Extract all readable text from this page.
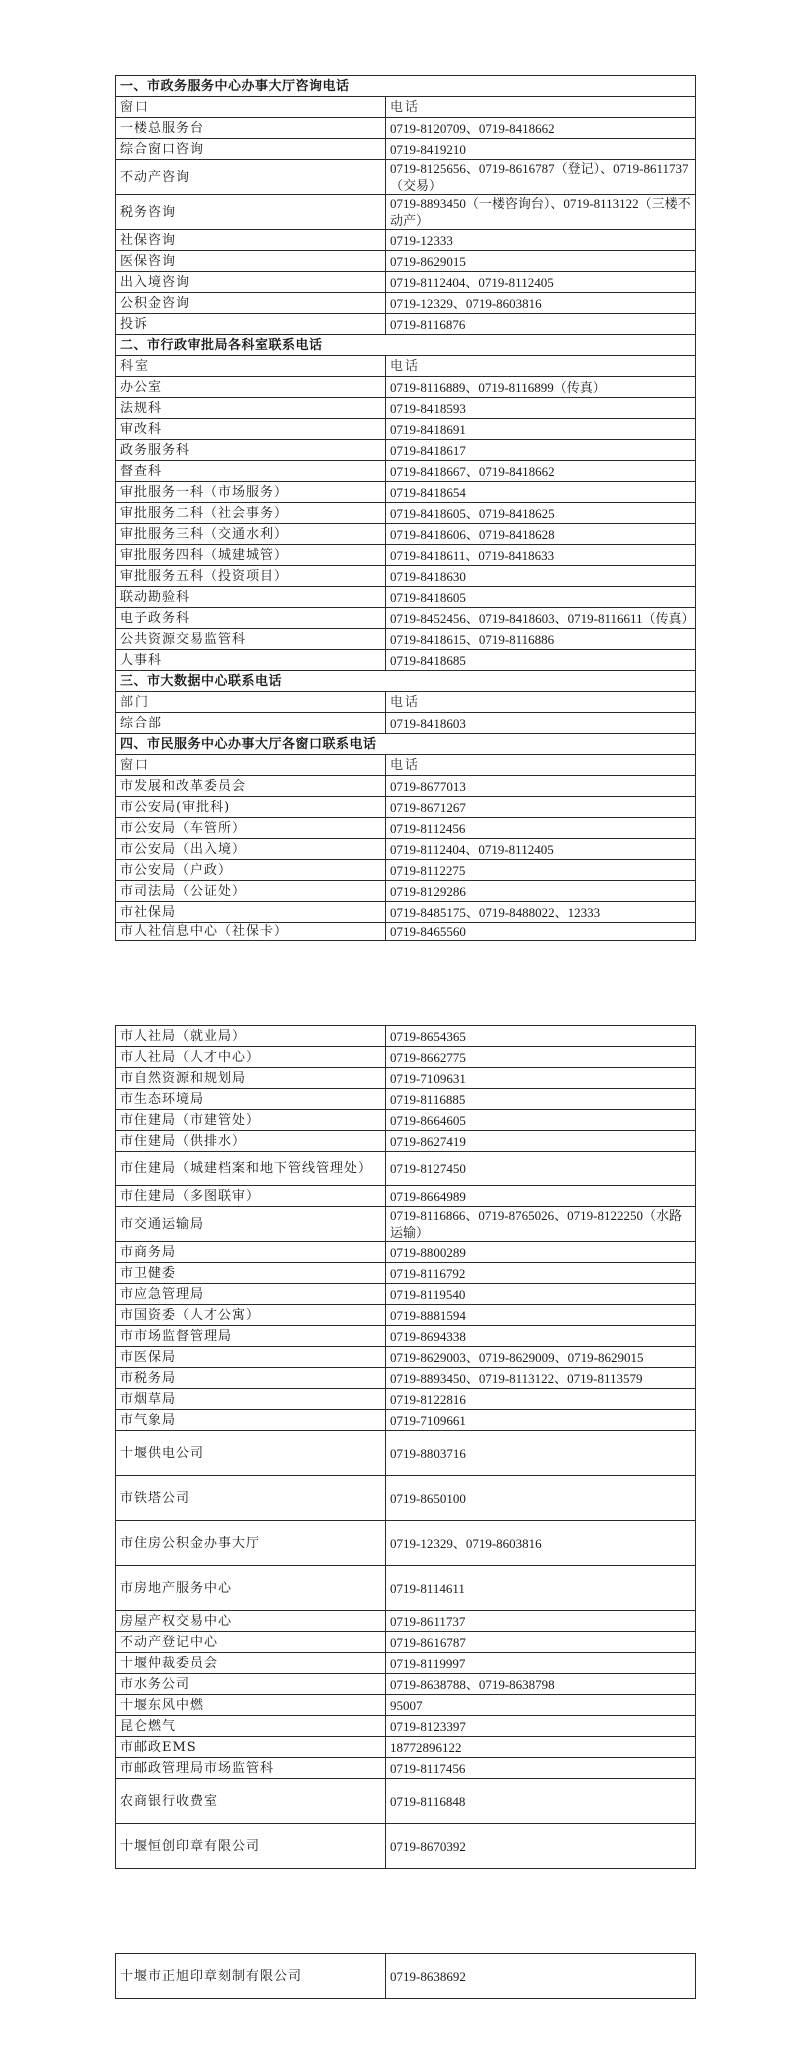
一、市政务服务中心办事大厅咨询电话	
窗口	电话
一楼总服务台	0719-8120709、0719-8418662
综合窗口咨询	0719-8419210
不动产咨询	0719-8125656、0719-8616787（登记）、0719-8611737（交易）
税务咨询	0719-8893450（一楼咨询台）、0719-8113122（三楼不动产）
社保咨询	0719-12333
医保咨询	0719-8629015
出入境咨询	0719-8112404、0719-8112405
公积金咨询	0719-12329、0719-8603816
投诉	0719-8116876
二、市行政审批局各科室联系电话	
科室	电话
办公室	0719-8116889、0719-8116899（传真）
法规科	0719-8418593
审改科	0719-8418691
政务服务科	0719-8418617
督查科	0719-8418667、0719-8418662
审批服务一科（市场服务）	0719-8418654
审批服务二科（社会事务）	0719-8418605、0719-8418625
审批服务三科（交通水利）	0719-8418606、0719-8418628
审批服务四科（城建城管）	0719-8418611、0719-8418633
审批服务五科（投资项目）	0719-8418630
联动勘验科	0719-8418605
电子政务科	0719-8452456、0719-8418603、0719-8116611（传真）
公共资源交易监管科	0719-8418615、0719-8116886
人事科	0719-8418685
三、市大数据中心联系电话	
部门	电话
综合部	0719-8418603
四、市民服务中心办事大厅各窗口联系电话	
窗口	电话
市发展和改革委员会	0719-8677013
市公安局(审批科)	0719-8671267
市公安局（车管所）	0719-8112456
市公安局（出入境）	0719-8112404、0719-8112405
市公安局（户政）	0719-8112275
市司法局（公证处）	0719-8129286
市社保局	0719-8485175、0719-8488022、12333
市人社信息中心（社保卡）	0719-8465560
市人社局（就业局）	0719-8654365
市人社局（人才中心）	0719-8662775
市自然资源和规划局	0719-7109631
市生态环境局	0719-8116885
市住建局（市建管处）	0719-8664605
市住建局（供排水）	0719-8627419
市住建局（城建档案和地下管线管理处）	0719-8127450
市住建局（多图联审）	0719-8664989
市交通运输局	0719-8116866、0719-8765026、0719-8122250（水路运输）
市商务局	0719-8800289
市卫健委	0719-8116792
市应急管理局	0719-8119540
市国资委（人才公寓）	0719-8881594
市市场监督管理局	0719-8694338
市医保局	0719-8629003、0719-8629009、0719-8629015
市税务局	0719-8893450、0719-8113122、0719-8113579
市烟草局	0719-8122816
市气象局	0719-7109661
十堰供电公司	0719-8803716
市铁塔公司	0719-8650100
市住房公积金办事大厅	0719-12329、0719-8603816
市房地产服务中心	0719-8114611
房屋产权交易中心	0719-8611737
不动产登记中心	0719-8616787
十堰仲裁委员会	0719-8119997
市水务公司	0719-8638788、0719-8638798
十堰东风中燃	95007
昆仑燃气	0719-8123397
市邮政EMS	18772896122
市邮政管理局市场监管科	0719-8117456
农商银行收费室	0719-8116848
十堰恒创印章有限公司	0719-8670392
十堰市正旭印章刻制有限公司	0719-8638692
